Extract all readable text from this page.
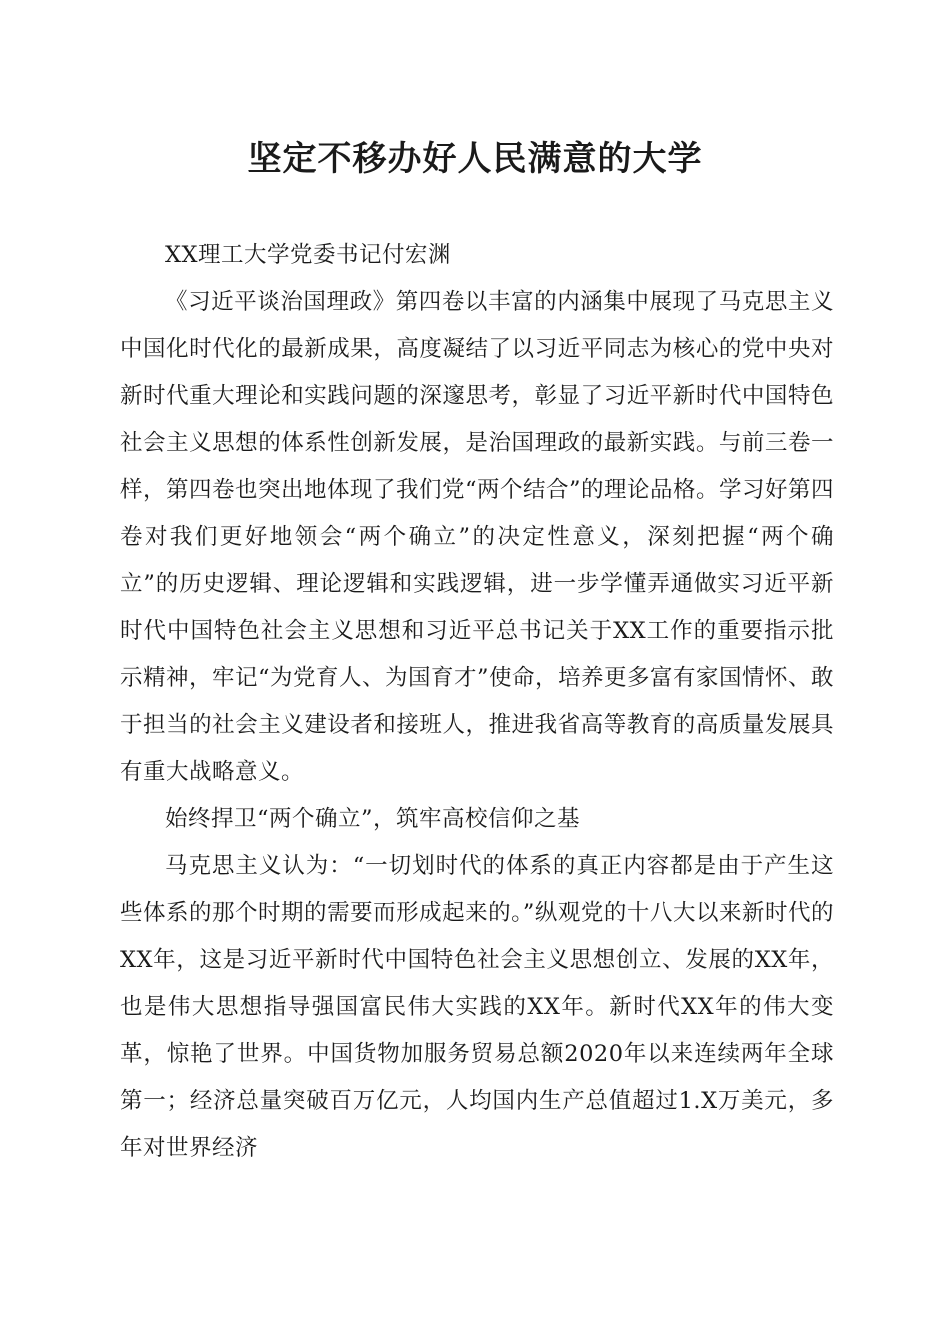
坚定不移办好人民满意的大学

XX理工大学党委书记付宏渊

《习近平谈治国理政》第四卷以丰富的内涵集中展现了马克思主义中国化时代化的最新成果，高度凝结了以习近平同志为核心的党中央对新时代重大理论和实践问题的深邃思考，彰显了习近平新时代中国特色社会主义思想的体系性创新发展，是治国理政的最新实践。与前三卷一样，第四卷也突出地体现了我们党“两个结合”的理论品格。学习好第四卷对我们更好地领会“两个确立”的决定性意义，深刻把握“两个确立”的历史逻辑、理论逻辑和实践逻辑，进一步学懂弄通做实习近平新时代中国特色社会主义思想和习近平总书记关于XX工作的重要指示批示精神，牢记“为党育人、为国育才”使命，培养更多富有家国情怀、敢于担当的社会主义建设者和接班人，推进我省高等教育的高质量发展具有重大战略意义。

始终捍卫“两个确立”，筑牢高校信仰之基

马克思主义认为：“一切划时代的体系的真正内容都是由于产生这些体系的那个时期的需要而形成起来的。”纵观党的十八大以来新时代的XX年，这是习近平新时代中国特色社会主义思想创立、发展的XX年，也是伟大思想指导强国富民伟大实践的XX年。新时代XX年的伟大变革，惊艳了世界。中国货物加服务贸易总额2020年以来连续两年全球第一；经济总量突破百万亿元，人均国内生产总值超过1.X万美元，多年对世界经济
